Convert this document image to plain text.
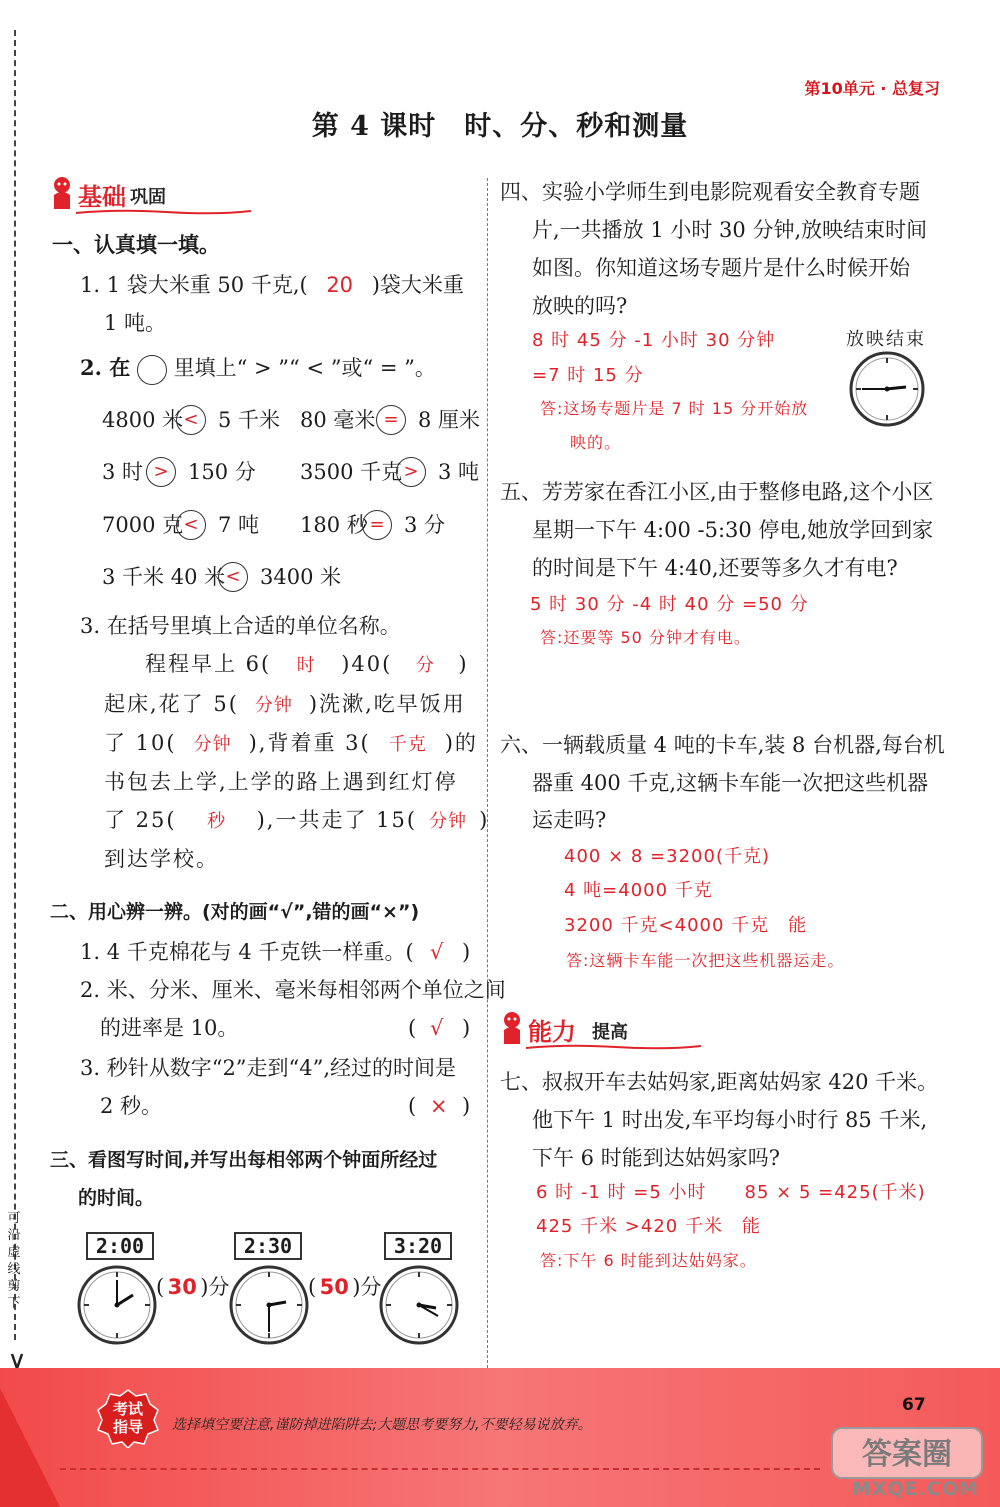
可沿虚线剪下
第10单元 · 总复习
第 4 课时　时、分、秒和测量
基础 巩固
一、认真填一填。
1. 1 袋大米重 50 千克,( 20 )袋大米重
1 吨。
2. 在 里填上“ > ”“ < ”或“ = ”。
4800 米 < 5 千米 80 毫米 = 8 厘米
3 时 > 150 分 3500 千克 > 3 吨
7000 克 < 7 吨 180 秒 = 3 分
3 千米 40 米 < 3400 米
3. 在括号里填上合适的单位名称。
程程早上 6( 时 )40( 分 )
起床,花了 5( 分钟 )洗漱,吃早饭用
了 10( 分钟 ),背着重 3( 千克 )的
书包去上学,上学的路上遇到红灯停
了 25( 秒 ),一共走了 15( 分钟 )
到达学校。
二、用心辨一辨。(对的画“√”,错的画“×”)
1. 4 千克棉花与 4 千克铁一样重。( √ )
2. 米、分米、厘米、毫米每相邻两个单位之间
的进率是 10。	( √ )
3. 秒针从数字“2”走到“4”,经过的时间是
2 秒。	( × )
三、看图写时间,并写出每相邻两个钟面所经过
的时间。
2:00	2:30	3:20
( 30 )分	( 50 )分
四、实验小学师生到电影院观看安全教育专题
片,一共播放 1 小时 30 分钟,放映结束时间
如图。你知道这场专题片是什么时候开始
放映的吗?
8 时 45 分 -1 小时 30 分钟
=7 时 15 分
答:这场专题片是 7 时 15 分开始放
映的。
放映结束
五、芳芳家在香江小区,由于整修电路,这个小区
星期一下午 4:00 -5:30 停电,她放学回到家
的时间是下午 4:40,还要等多久才有电?
5 时 30 分 -4 时 40 分 =50 分
答:还要等 50 分钟才有电。
六、一辆载质量 4 吨的卡车,装 8 台机器,每台机
器重 400 千克,这辆卡车能一次把这些机器
运走吗?
400 × 8 =3200(千克)
4 吨=4000 千克
3200 千克<4000 千克　能
答:这辆卡车能一次把这些机器运走。
能力 提高
七、叔叔开车去姑妈家,距离姑妈家 420 千米。
他下午 1 时出发,车平均每小时行 85 千米,
下午 6 时能到达姑妈家吗?
6 时 -1 时 =5 小时　　85 × 5 =425(千米)
425 千米 >420 千米　能
答:下午 6 时能到达姑妈家。
考试指导	选择填空要注意,谨防掉进陷阱去;大题思考要努力,不要轻易说放弃。
67
答案圈
MXQE.COM
